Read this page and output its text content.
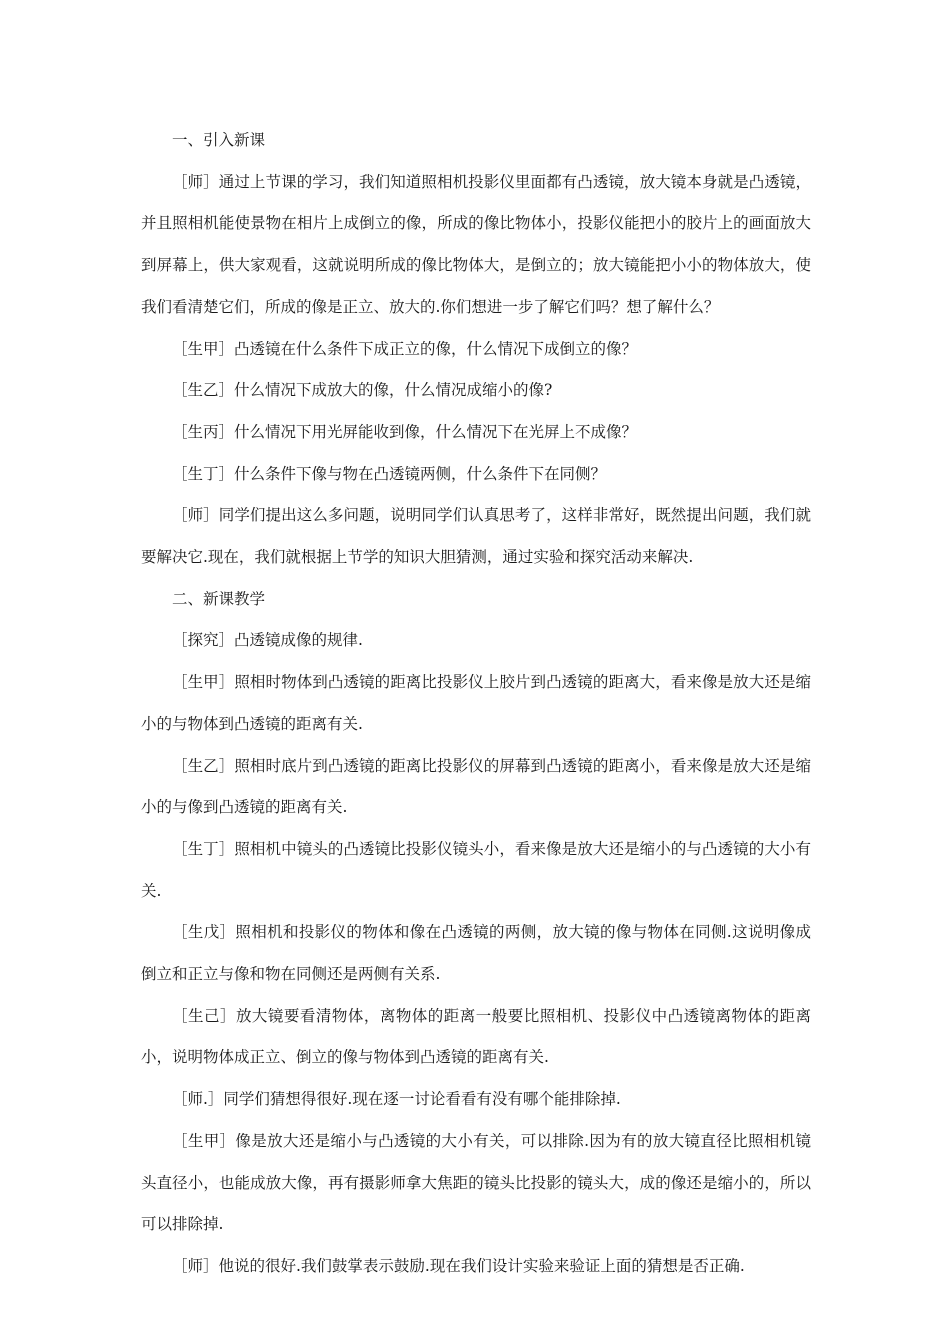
一、引入新课

［师］通过上节课的学习，我们知道照相机投影仪里面都有凸透镜，放大镜本身就是凸透镜，并且照相机能使景物在相片上成倒立的像，所成的像比物体小，投影仪能把小的胶片上的画面放大到屏幕上，供大家观看，这就说明所成的像比物体大，是倒立的；放大镜能把小小的物体放大，使我们看清楚它们，所成的像是正立、放大的.你们想进一步了解它们吗？想了解什么？

［生甲］凸透镜在什么条件下成正立的像，什么情况下成倒立的像？

［生乙］什么情况下成放大的像，什么情况成缩小的像?

［生丙］什么情况下用光屏能收到像，什么情况下在光屏上不成像？

［生丁］什么条件下像与物在凸透镜两侧，什么条件下在同侧？

［师］同学们提出这么多问题，说明同学们认真思考了，这样非常好，既然提出问题，我们就要解决它.现在，我们就根据上节学的知识大胆猜测，通过实验和探究活动来解决.

二、新课教学

［探究］凸透镜成像的规律.

［生甲］照相时物体到凸透镜的距离比投影仪上胶片到凸透镜的距离大，看来像是放大还是缩小的与物体到凸透镜的距离有关.

［生乙］照相时底片到凸透镜的距离比投影仪的屏幕到凸透镜的距离小，看来像是放大还是缩小的与像到凸透镜的距离有关.

［生丁］照相机中镜头的凸透镜比投影仪镜头小，看来像是放大还是缩小的与凸透镜的大小有关.

［生戊］照相机和投影仪的物体和像在凸透镜的两侧，放大镜的像与物体在同侧.这说明像成倒立和正立与像和物在同侧还是两侧有关系.

［生己］放大镜要看清物体，离物体的距离一般要比照相机、投影仪中凸透镜离物体的距离小，说明物体成正立、倒立的像与物体到凸透镜的距离有关.

［师.］同学们猜想得很好.现在逐一讨论看看有没有哪个能排除掉.

［生甲］像是放大还是缩小与凸透镜的大小有关，可以排除.因为有的放大镜直径比照相机镜头直径小，也能成放大像，再有摄影师拿大焦距的镜头比投影的镜头大，成的像还是缩小的，所以可以排除掉.

［师］他说的很好.我们鼓掌表示鼓励.现在我们设计实验来验证上面的猜想是否正确.
